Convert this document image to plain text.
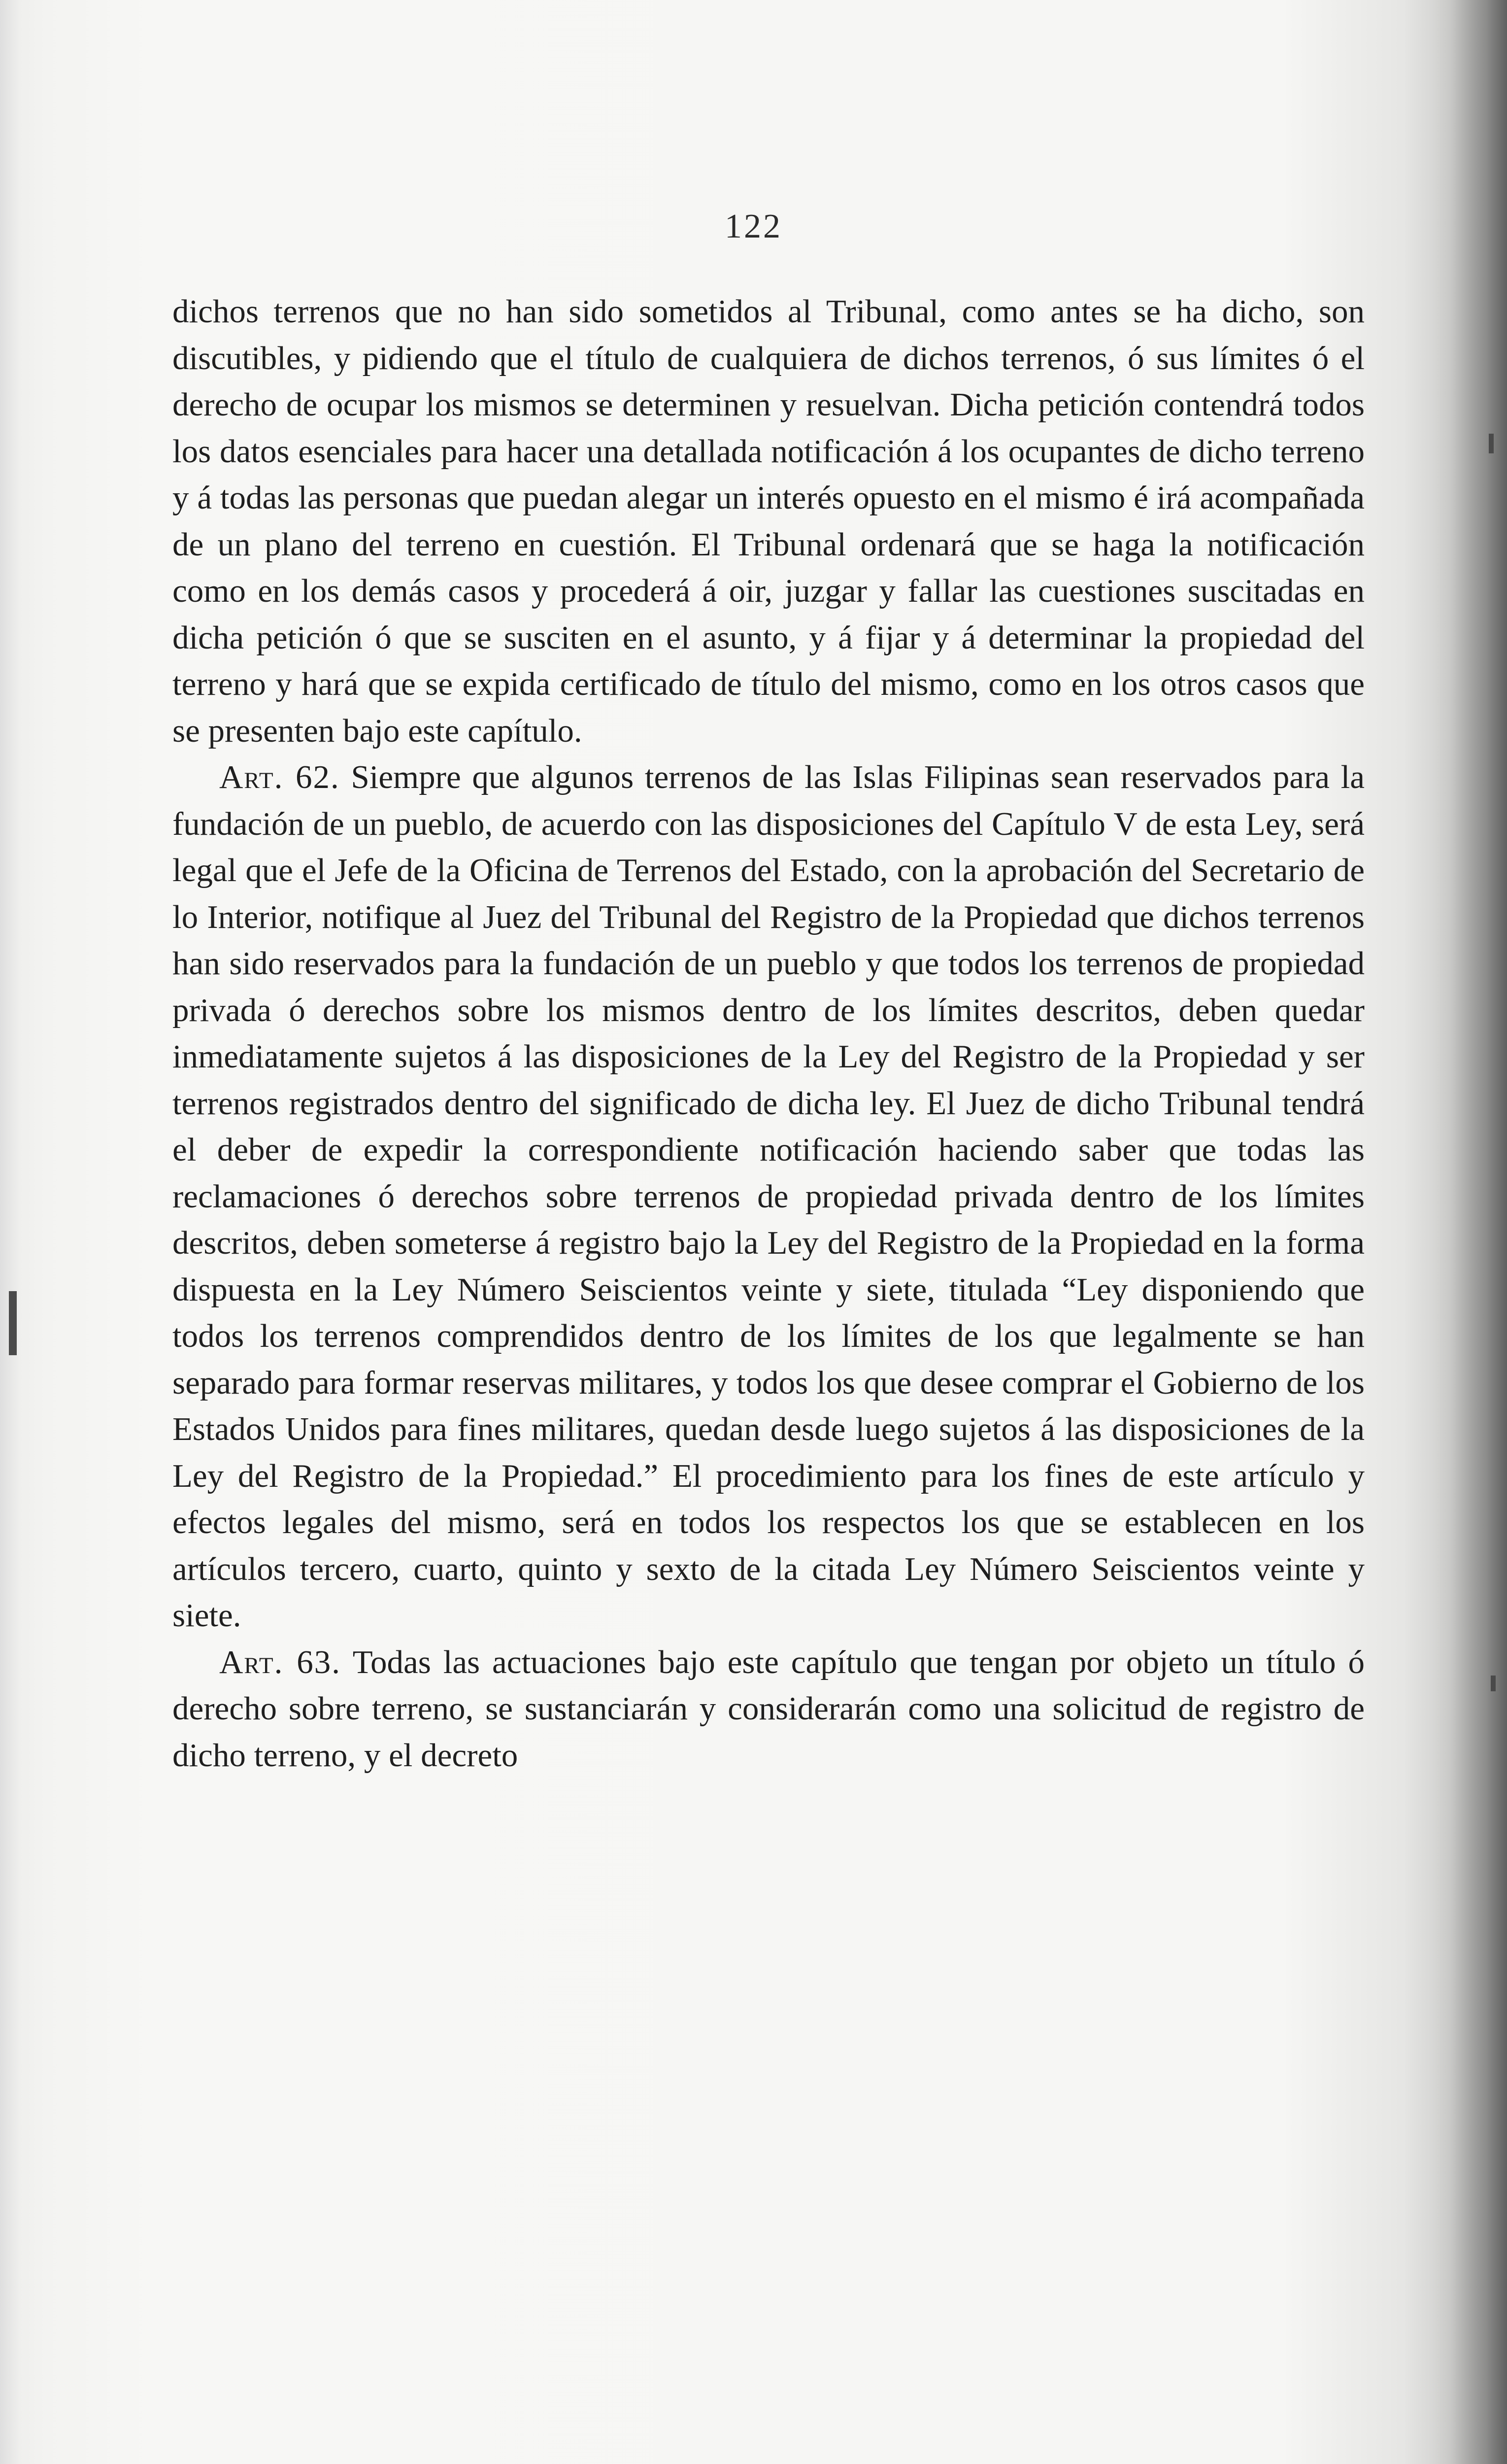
122

dichos terrenos que no han sido sometidos al Tribunal, como antes se ha dicho, son discutibles, y pidiendo que el título de cualquiera de dichos terrenos, ó sus límites ó el derecho de ocupar los mismos se determinen y resuelvan. Dicha petición contendrá todos los datos esenciales para hacer una detallada notificación á los ocupantes de dicho terreno y á todas las personas que puedan alegar un interés opuesto en el mismo é irá acompañada de un plano del terreno en cuestión. El Tribunal ordenará que se haga la notificación como en los demás casos y procederá á oir, juzgar y fallar las cuestiones suscitadas en dicha petición ó que se susciten en el asunto, y á fijar y á determinar la propiedad del terreno y hará que se expida certificado de título del mismo, como en los otros casos que se presenten bajo este capítulo.

Art. 62. Siempre que algunos terrenos de las Islas Filipinas sean reservados para la fundación de un pueblo, de acuerdo con las disposiciones del Capítulo V de esta Ley, será legal que el Jefe de la Oficina de Terrenos del Estado, con la aprobación del Secretario de lo Interior, notifique al Juez del Tribunal del Registro de la Propiedad que dichos terrenos han sido reservados para la fundación de un pueblo y que todos los terrenos de propiedad privada ó derechos sobre los mismos dentro de los límites descritos, deben quedar inmediatamente sujetos á las disposiciones de la Ley del Registro de la Propiedad y ser terrenos registrados dentro del significado de dicha ley. El Juez de dicho Tribunal tendrá el deber de expedir la correspondiente notificación haciendo saber que todas las reclamaciones ó derechos sobre terrenos de propiedad privada dentro de los límites descritos, deben someterse á registro bajo la Ley del Registro de la Propiedad en la forma dispuesta en la Ley Número Seiscientos veinte y siete, titulada “Ley disponiendo que todos los terrenos comprendidos dentro de los límites de los que legalmente se han separado para formar reservas militares, y todos los que desee comprar el Gobierno de los Estados Unidos para fines militares, quedan desde luego sujetos á las disposiciones de la Ley del Registro de la Propiedad.” El procedimiento para los fines de este artículo y efectos legales del mismo, será en todos los respectos los que se establecen en los artículos tercero, cuarto, quinto y sexto de la citada Ley Número Seiscientos veinte y siete.

Art. 63. Todas las actuaciones bajo este capítulo que tengan por objeto un título ó derecho sobre terreno, se sustanciarán y considerarán como una solicitud de registro de dicho terreno, y el decreto
